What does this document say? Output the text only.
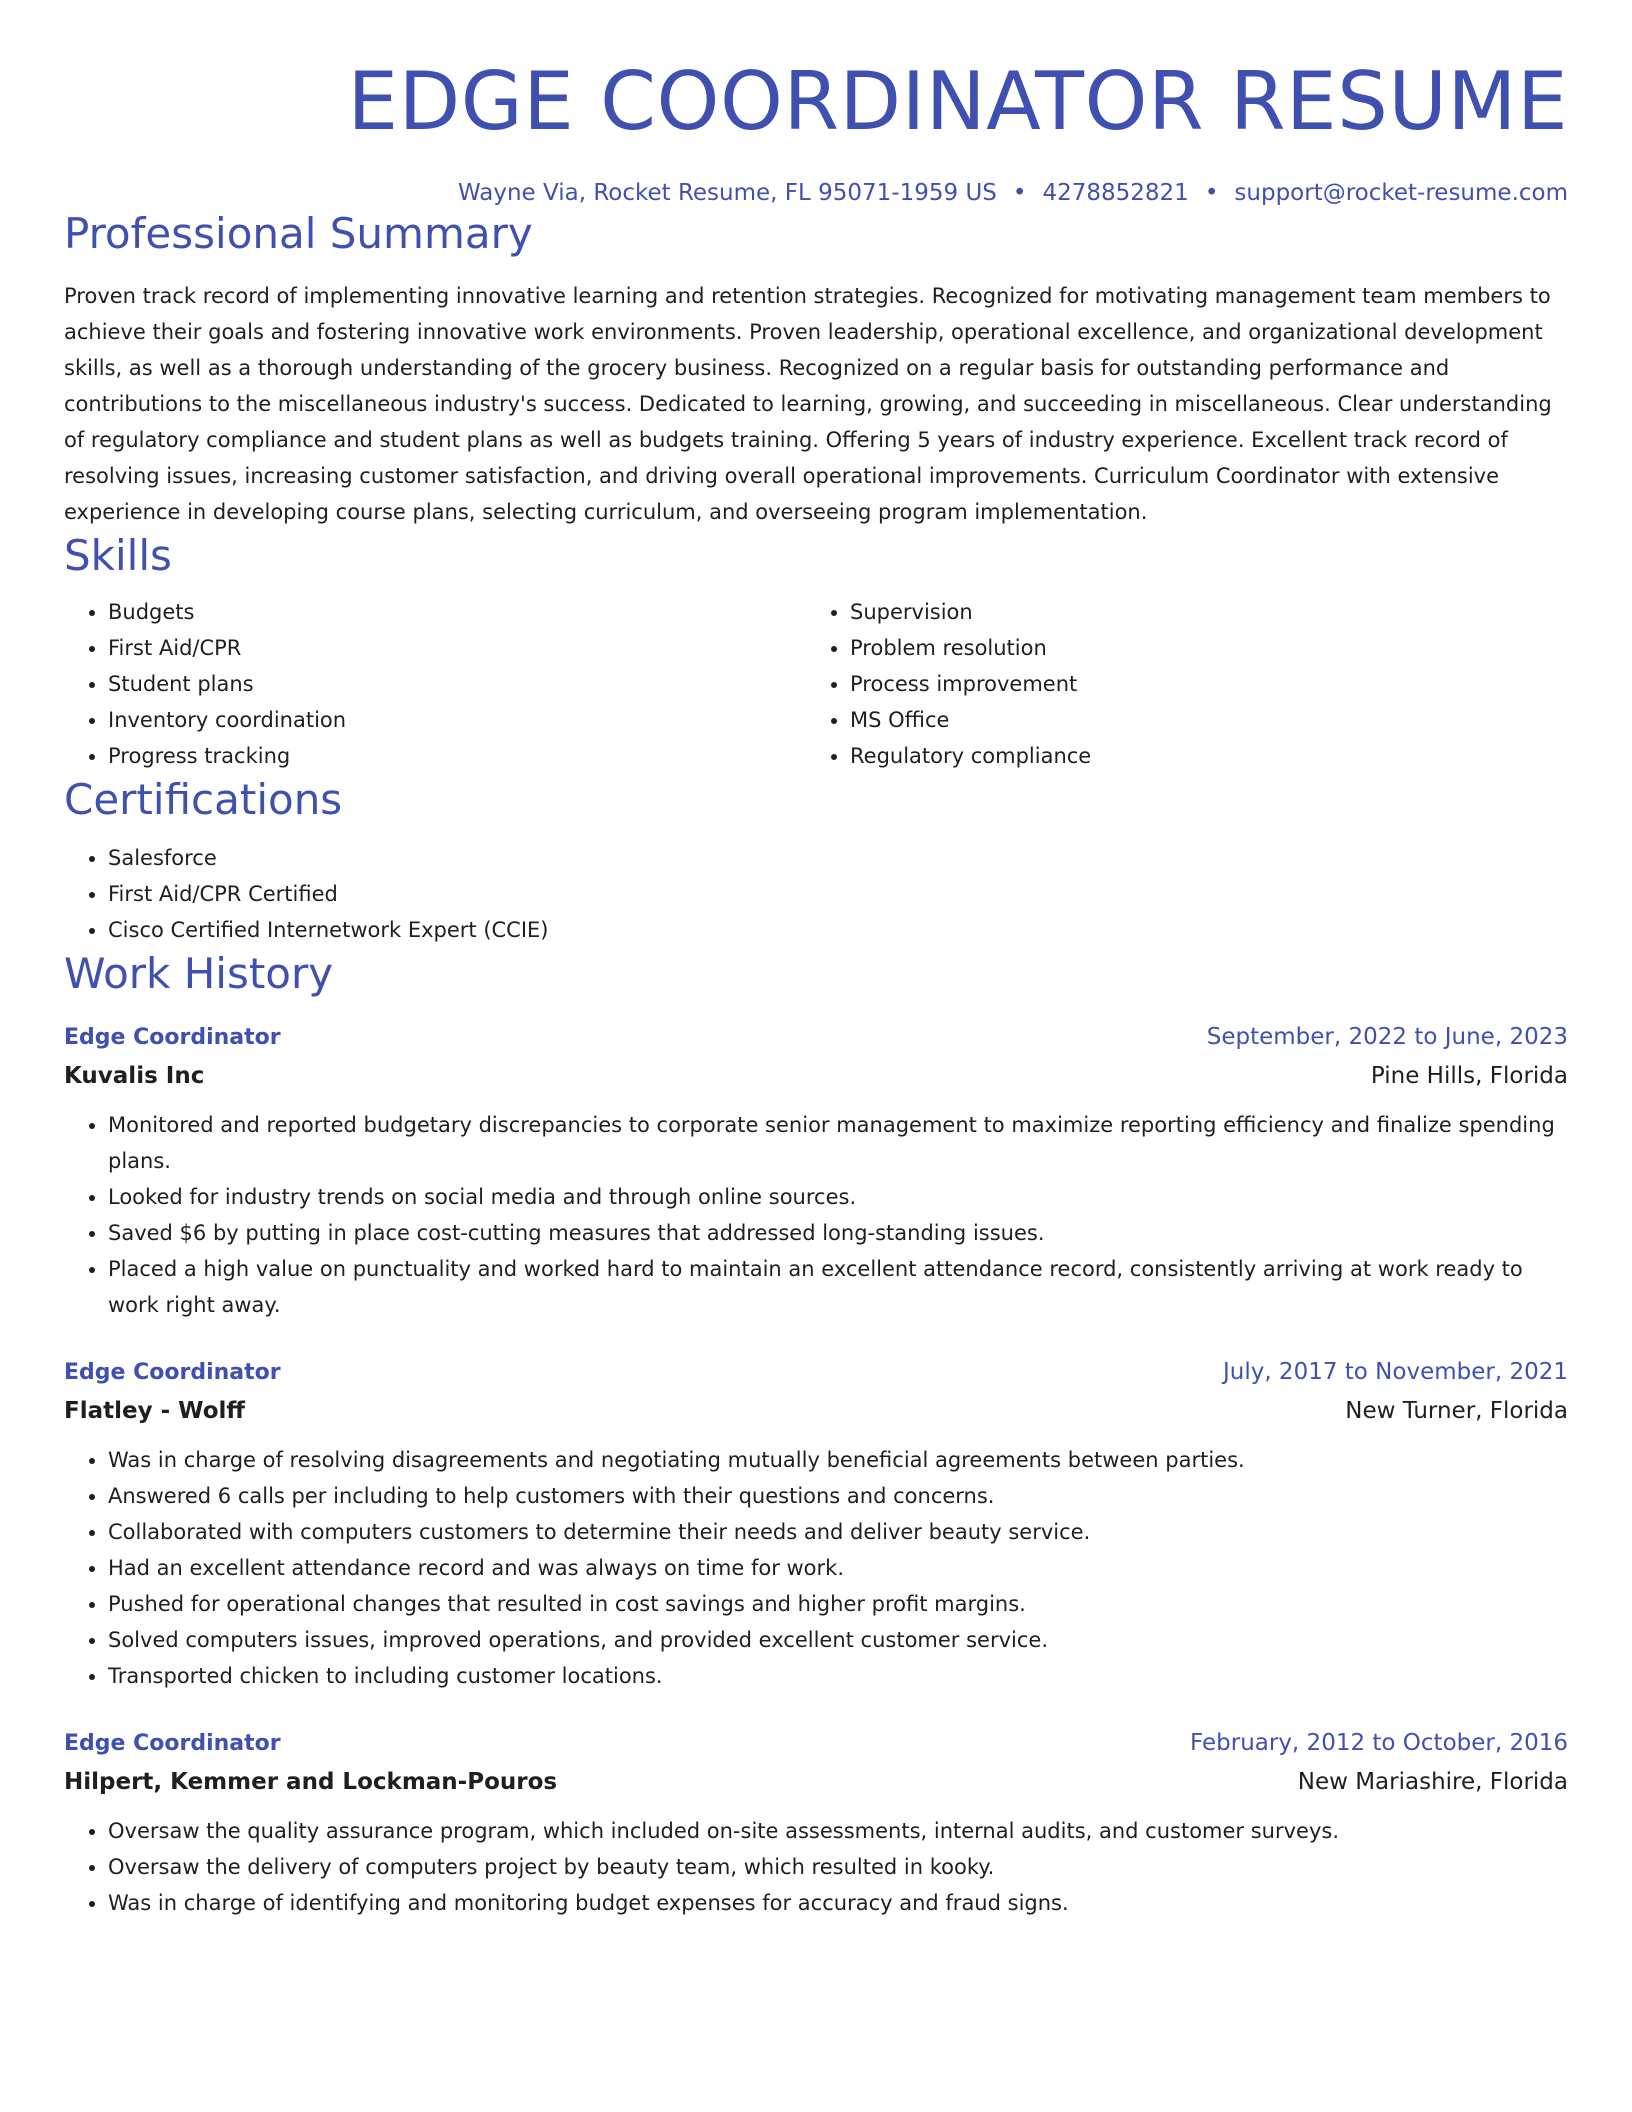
EDGE COORDINATOR RESUME
Wayne Via, Rocket Resume, FL 95071-1959 US • 4278852821 • support@rocket-resume.com
Professional Summary

Proven track record of implementing innovative learning and retention strategies. Recognized for motivating management team members to achieve their goals and fostering innovative work environments. Proven leadership, operational excellence, and organizational development skills, as well as a thorough understanding of the grocery business. Recognized on a regular basis for outstanding performance and contributions to the miscellaneous industry's success. Dedicated to learning, growing, and succeeding in miscellaneous. Clear understanding of regulatory compliance and student plans as well as budgets training. Offering 5 years of industry experience. Excellent track record of resolving issues, increasing customer satisfaction, and driving overall operational improvements. Curriculum Coordinator with extensive experience in developing course plans, selecting curriculum, and overseeing program implementation.

Skills
• Budgets
• First Aid/CPR
• Student plans
• Inventory coordination
• Progress tracking
• Supervision
• Problem resolution
• Process improvement
• MS Office
• Regulatory compliance
Certifications
• Salesforce
• First Aid/CPR Certified
• Cisco Certified Internetwork Expert (CCIE)
Work History
Edge Coordinator	September, 2022 to June, 2023
Kuvalis Inc	Pine Hills, Florida
• Monitored and reported budgetary discrepancies to corporate senior management to maximize reporting efficiency and finalize spending plans.
• Looked for industry trends on social media and through online sources.
• Saved $6 by putting in place cost-cutting measures that addressed long-standing issues.
• Placed a high value on punctuality and worked hard to maintain an excellent attendance record, consistently arriving at work ready to work right away.
Edge Coordinator	July, 2017 to November, 2021
Flatley - Wolff	New Turner, Florida
• Was in charge of resolving disagreements and negotiating mutually beneficial agreements between parties.
• Answered 6 calls per including to help customers with their questions and concerns.
• Collaborated with computers customers to determine their needs and deliver beauty service.
• Had an excellent attendance record and was always on time for work.
• Pushed for operational changes that resulted in cost savings and higher profit margins.
• Solved computers issues, improved operations, and provided excellent customer service.
• Transported chicken to including customer locations.
Edge Coordinator	February, 2012 to October, 2016
Hilpert, Kemmer and Lockman-Pouros	New Mariashire, Florida
• Oversaw the quality assurance program, which included on-site assessments, internal audits, and customer surveys.
• Oversaw the delivery of computers project by beauty team, which resulted in kooky.
• Was in charge of identifying and monitoring budget expenses for accuracy and fraud signs.
